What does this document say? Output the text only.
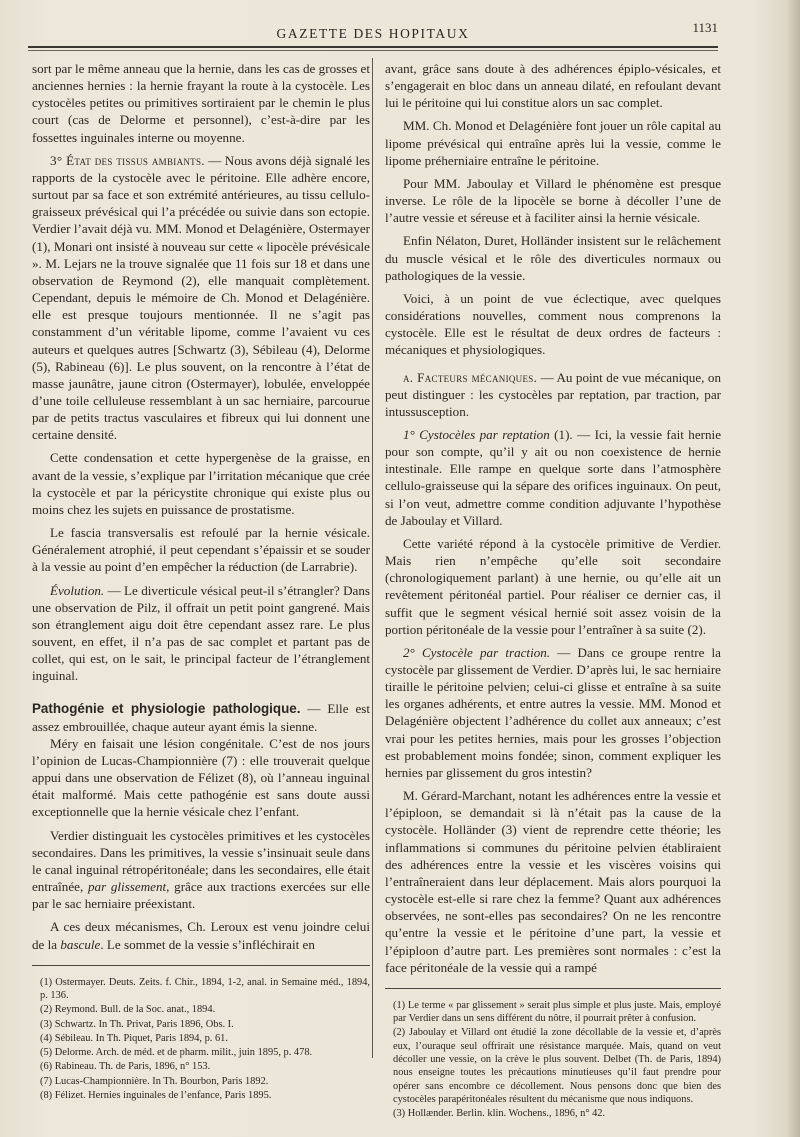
GAZETTE DES HOPITAUX	1131

sort par le même anneau que la hernie, dans les cas de grosses et anciennes hernies : la hernie frayant la route à la cystocèle. Les cystocèles petites ou primitives sortiraient par le chemin le plus court (cas de Delorme et personnel), c’est-à-dire par les fossettes inguinales interne ou moyenne.

3° État des tissus ambiants. — Nous avons déjà signalé les rapports de la cystocèle avec le péritoine. Elle adhère encore, surtout par sa face et son extrémité antérieures, au tissu cellulo-graisseux prévésical qui l’a précédée ou suivie dans son ectopie. Verdier l’avait déjà vu. MM. Monod et Delagénière, Ostermayer (1), Monari ont insisté à nouveau sur cette « lipocèle prévésicale ». M. Lejars ne la trouve signalée que 11 fois sur 18 et dans une observation de Reymond (2), elle manquait complètement. Cependant, depuis le mémoire de Ch. Monod et Delagénière. elle est presque toujours mentionnée. Il ne s’agit pas constamment d’un véritable lipome, comme l’avaient vu ces auteurs et quelques autres [Schwartz (3), Sébileau (4), Delorme (5), Rabineau (6)]. Le plus souvent, on la rencontre à l’état de masse jaunâtre, jaune citron (Ostermayer), lobulée, enveloppée d’une toile celluleuse ressemblant à un sac herniaire, parcourue par de petits tractus vasculaires et fibreux qui lui donnent une certaine densité.

Cette condensation et cette hypergenèse de la graisse, en avant de la vessie, s’explique par l’irritation mécanique que crée la cystocèle et par la péricystite chronique qui existe plus ou moins chez les sujets en puissance de prostatisme.

Le fascia transversalis est refoulé par la hernie vésicale. Généralement atrophié, il peut cependant s’épaissir et se souder à la vessie au point d’en empêcher la réduction (de Larrabrie).

Évolution. — Le diverticule vésical peut-il s’étrangler? Dans une observation de Pilz, il offrait un petit point gangrené. Mais son étranglement aigu doit être cependant assez rare. Le plus souvent, en effet, il n’a pas de sac complet et partant pas de collet, qui est, on le sait, le principal facteur de l’étranglement inguinal.

Pathogénie et physiologie pathologique. — Elle est assez embrouillée, chaque auteur ayant émis la sienne.

Méry en faisait une lésion congénitale. C’est de nos jours l’opinion de Lucas-Championnière (7) : elle trouverait quelque appui dans une observation de Félizet (8), où l’anneau inguinal était malformé. Mais cette pathogénie est sans doute aussi exceptionnelle que la hernie vésicale chez l’enfant.

Verdier distinguait les cystocèles primitives et les cystocèles secondaires. Dans les primitives, la vessie s’insinuait seule dans le canal inguinal rétropéritonéale; dans les secondaires, elle était entraînée, par glissement, grâce aux tractions exercées sur elle par le sac herniaire préexistant.

A ces deux mécanismes, Ch. Leroux est venu joindre celui de la bascule. Le sommet de la vessie s’infléchirait en

(1) Ostermayer. Deuts. Zeits. f. Chir., 1894, 1-2, anal. in Semaine méd., 1894, p. 136.

(2) Reymond. Bull. de la Soc. anat., 1894.

(3) Schwartz. In Th. Privat, Paris 1896, Obs. I.

(4) Sébileau. In Th. Piquet, Paris 1894, p. 61.

(5) Delorme. Arch. de méd. et de pharm. milit., juin 1895, p. 478.

(6) Rabineau. Th. de Paris, 1896, n° 153.

(7) Lucas-Championnière. In Th. Bourbon, Paris 1892.

(8) Félizet. Hernies inguinales de l’enfance, Paris 1895.

avant, grâce sans doute à des adhérences épiplo-vésicales, et s’engagerait en bloc dans un anneau dilaté, en refoulant devant lui le péritoine qui lui constitue alors un sac complet.

MM. Ch. Monod et Delagénière font jouer un rôle capital au lipome prévésical qui entraîne après lui la vessie, comme le lipome préherniaire entraîne le péritoine.

Pour MM. Jaboulay et Villard le phénomène est presque inverse. Le rôle de la lipocèle se borne à décoller l’une de l’autre vessie et séreuse et à faciliter ainsi la hernie vésicale.

Enfin Nélaton, Duret, Holländer insistent sur le relâchement du muscle vésical et le rôle des diverticules normaux ou pathologiques de la vessie.

Voici, à un point de vue éclectique, avec quelques considérations nouvelles, comment nous comprenons la cystocèle. Elle est le résultat de deux ordres de facteurs : mécaniques et physiologiques.

a. Facteurs mécaniques. — Au point de vue mécanique, on peut distinguer : les cystocèles par reptation, par traction, par intussusception.

1° Cystocèles par reptation (1). — Ici, la vessie fait hernie pour son compte, qu’il y ait ou non coexistence de hernie intestinale. Elle rampe en quelque sorte dans l’atmosphère cellulo-graisseuse qui la sépare des orifices inguinaux. On peut, si l’on veut, admettre comme condition adjuvante l’hypothèse de Jaboulay et Villard.

Cette variété répond à la cystocèle primitive de Verdier. Mais rien n’empêche qu’elle soit secondaire (chronologiquement parlant) à une hernie, ou qu’elle ait un revêtement péritonéal partiel. Pour réaliser ce dernier cas, il suffit que le segment vésical hernié soit assez voisin de la portion péritonéale de la vessie pour l’entraîner à sa suite (2).

2° Cystocèle par traction. — Dans ce groupe rentre la cystocèle par glissement de Verdier. D’après lui, le sac herniaire tiraille le péritoine pelvien; celui-ci glisse et entraîne à sa suite les organes adhérents, et entre autres la vessie. MM. Monod et Delagénière objectent l’adhérence du collet aux anneaux; c’est vrai pour les petites hernies, mais pour les grosses l’objection est probablement moins fondée; sinon, comment expliquer les hernies par glissement du gros intestin?

M. Gérard-Marchant, notant les adhérences entre la vessie et l’épiploon, se demandait si là n’était pas la cause de la cystocèle. Holländer (3) vient de reprendre cette théorie; les inflammations si communes du péritoine pelvien établiraient des adhérences entre la vessie et les viscères voisins qui l’entraîneraient dans leur déplacement. Mais alors pourquoi la cystocèle est-elle si rare chez la femme? Quant aux adhérences observées, ne sont-elles pas secondaires? On ne les rencontre qu’entre la vessie et le péritoine d’une part, la vessie et l’épiploon d’autre part. Les premières sont normales : c’est la face péritonéale de la vessie qui a rampé

(1) Le terme « par glissement » serait plus simple et plus juste. Mais, employé par Verdier dans un sens différent du nôtre, il pourrait prêter à confusion.

(2) Jaboulay et Villard ont étudié la zone décollable de la vessie et, d’après eux, l’ouraque seul offrirait une résistance marquée. Mais, quand on veut décoller une vessie, on la crève le plus souvent. Delbet (Th. de Paris, 1894) nous enseigne toutes les précautions minutieuses qu’il faut prendre pour opérer sans encombre ce décollement. Nous pensons donc que bien des cystocèles parapéritonéales résultent du mécanisme que nous indiquons.

(3) Hollænder. Berlin. klin. Wochens., 1896, n° 42.
